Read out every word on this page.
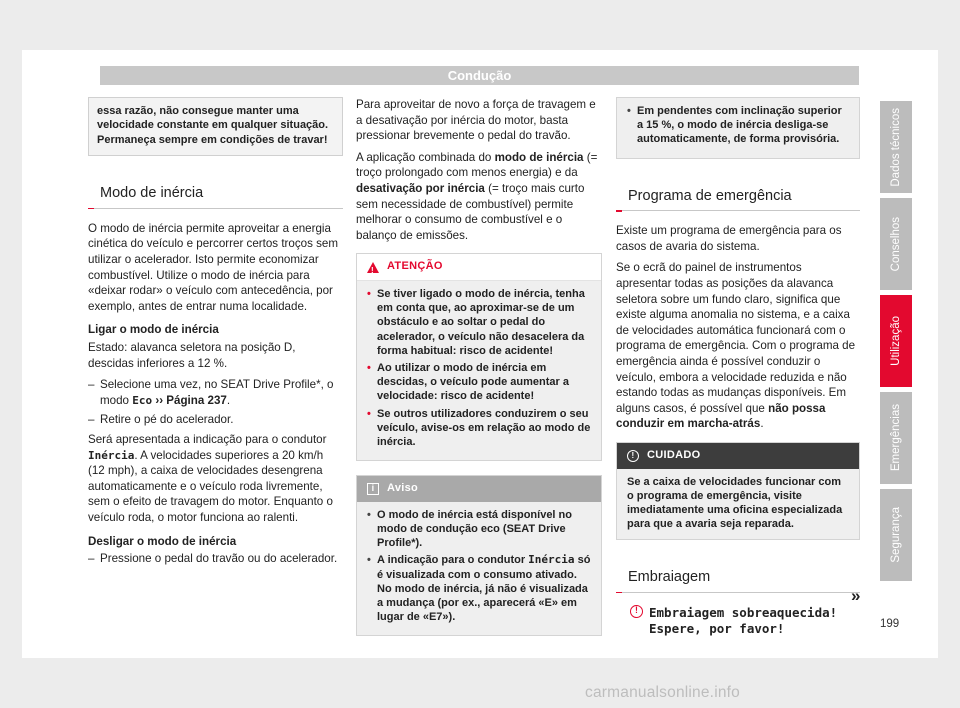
Condução
essa razão, não consegue manter uma velocidade constante em qualquer situação. Permaneça sempre em condições de travar!
Modo de inércia

O modo de inércia permite aproveitar a energia cinética do veículo e percorrer certos troços sem utilizar o acelerador. Isto permite economizar combustível. Utilize o modo de inércia para «deixar rodar» o veículo com antecedência, por exemplo, antes de entrar numa localidade.

Ligar o modo de inércia

Estado: alavanca seletora na posição D, descidas inferiores a 12 %.

– Selecione uma vez, no SEAT Drive Profile*, o modo Eco ›› Página 237.
– Retire o pé do acelerador.

Será apresentada a indicação para o condutor Inércia. A velocidades superiores a 20 km/h (12 mph), a caixa de velocidades desengrena automaticamente e o veículo roda livremente, sem o efeito de travagem do motor. Enquanto o veículo roda, o motor funciona ao ralenti.

Desligar o modo de inércia

– Pressione o pedal do travão ou do acelerador.

Para aproveitar de novo a força de travagem e a desativação por inércia do motor, basta pressionar brevemente o pedal do travão.

A aplicação combinada do modo de inércia (= troço prolongado com menos energia) e da desativação por inércia (= troço mais curto sem necessidade de combustível) permite melhorar o consumo de combustível e o balanço de emissões.

!
ATENÇÃO
• Se tiver ligado o modo de inércia, tenha em conta que, ao aproximar-se de um obstáculo e ao soltar o pedal do acelerador, o veículo não desacelera da forma habitual: risco de acidente!
• Ao utilizar o modo de inércia em descidas, o veículo pode aumentar a velocidade: risco de acidente!
• Se outros utilizadores conduzirem o seu veículo, avise-os em relação ao modo de inércia.
i	Aviso
• O modo de inércia está disponível no modo de condução eco (SEAT Drive Profile*).
• A indicação para o condutor Inércia só é visualizada com o consumo ativado. No modo de inércia, já não é visualizada a mudança (por ex., aparecerá «E» em lugar de «E7»).
• Em pendentes com inclinação superior a 15 %, o modo de inércia desliga-se automaticamente, de forma provisória.
Programa de emergência

Existe um programa de emergência para os casos de avaria do sistema.

Se o ecrã do painel de instrumentos apresentar todas as posições da alavanca seletora sobre um fundo claro, significa que existe alguma anomalia no sistema, e a caixa de velocidades automática funcionará com o programa de emergência. Com o programa de emergência ainda é possível conduzir o veículo, embora a velocidade reduzida e não estando todas as mudanças disponíveis. Em alguns casos, é possível que não possa conduzir em marcha-atrás.

!	CUIDADO
Se a caixa de velocidades funcionar com o programa de emergência, visite imediatamente uma oficina especializada para que a avaria seja reparada.
Embraiagem
! Embraiagem sobreaquecida! Espere, por favor!
Dados técnicos
Conselhos
Utilização
Emergências
Segurança
»
199
carmanualsonline.info
